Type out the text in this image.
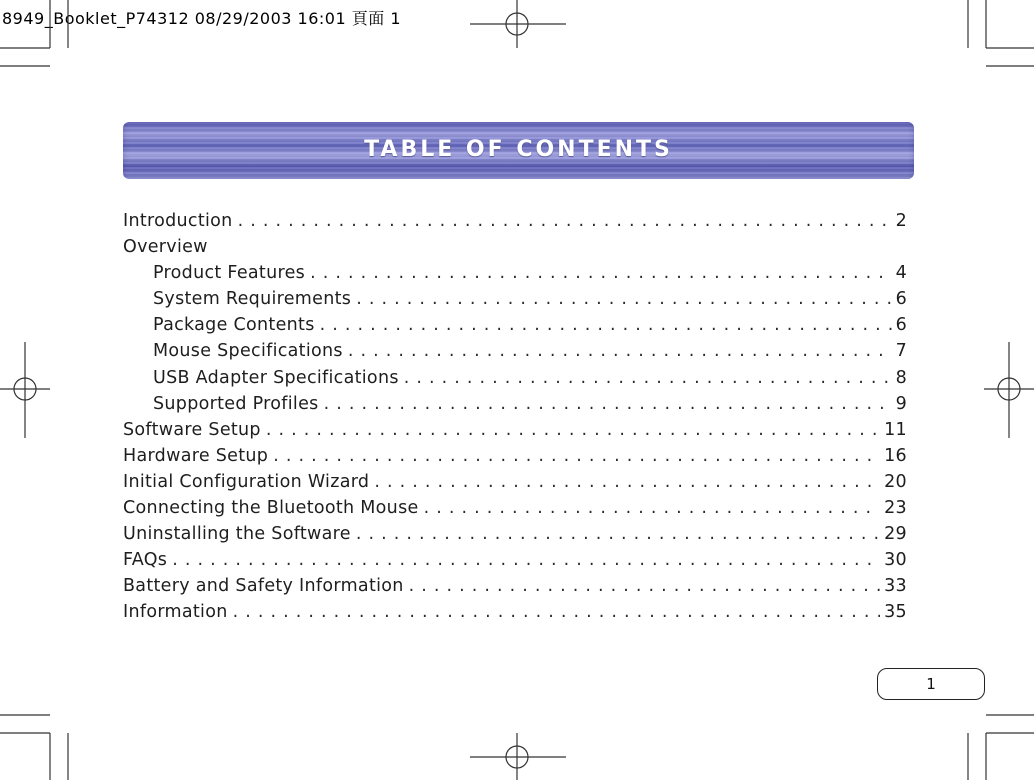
8949_Booklet_P74312 08/29/2003 16:01 頁面 1
TABLE OF CONTENTS
Introduction . . .	2
Overview
Product Features . . .	4
System Requirements . . .	6
Package Contents . . .	6
Mouse Specifications . . .	7
USB Adapter Specifications . . .	8
Supported Profiles . . .	9
Software Setup . . .	11
Hardware Setup . . .	16
Initial Configuration Wizard . . .	20
Connecting the Bluetooth Mouse . . .	23
Uninstalling the Software . . .	29
FAQs . . .	30
Battery and Safety Information . . .	33
Information . . .	35
1
